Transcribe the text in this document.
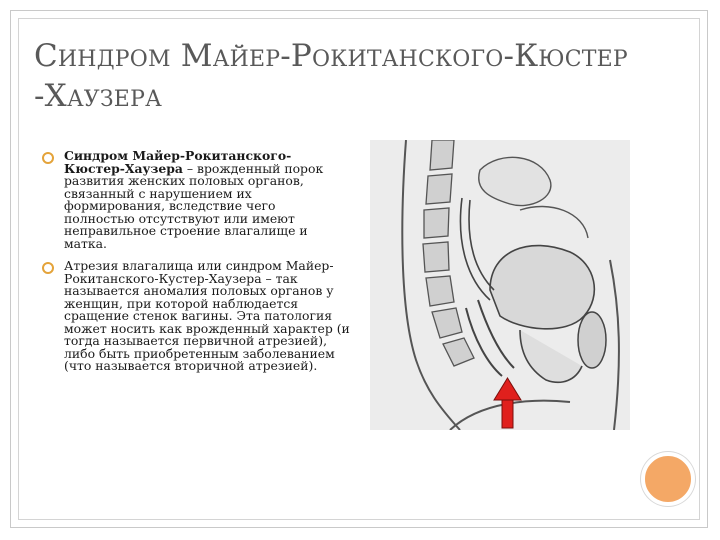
Синдром Майер-Рокитанского-Кюстер
-Хаузера
Синдром Майер-Рокитанского-Кюстер-Хаузера – врожденный порок развития женских половых органов, связанный с нарушением их формирования, вследствие чего полностью отсутствуют или имеют неправильное строение влагалище и матка.
Атрезия влагалища или синдром Майер-Рокитанского-Кустер-Хаузера – так называется аномалия половых органов у женщин, при которой наблюдается сращение стенок вагины. Эта патология может носить как врожденный характер (и тогда называется первичной атрезией), либо быть приобретенным заболеванием (что называется вторичной атрезией).
